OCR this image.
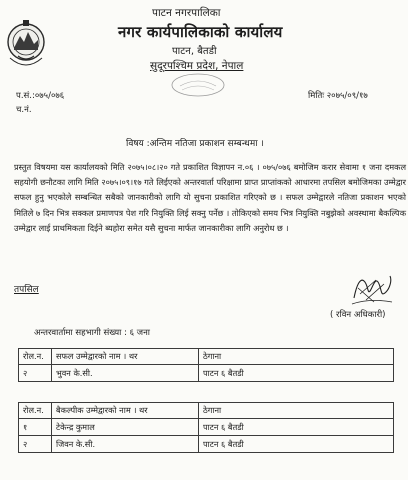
पाटन नगरपालिका
नगर कार्यपालिकाको कार्यालय
पाटन, बैतडी
सुदूरपश्चिम प्रदेश, नेपाल
प.सं.:०७५/०७६
च.नं.
मितिः २०७५/०९/१७
विषय :अन्तिम नतिजा प्रकाशन सम्बन्धमा ।
प्रस्तुत विषयमा यस कार्यालयको मिति २०७५।०८।२० गते प्रकाशित विज्ञापन न.०६ । ०७५/०७६ बमोजिम करार सेवामा १ जना दमकल सहयोगी छनौटका लागि मिति २०७५।०९।१७ गते लिईएको अन्तरवार्ता परिक्षामा प्राप्त प्राप्तांकको आधारमा तपसिल बमोजिमका उम्मेद्वार सफल हुनु भएकोले सम्बन्धित सबैको जानकारीको लागि यो सुचना प्रकाशित गरिएको छ । सफल उम्मेद्वारले नतिजा प्रकाशन भएको मितिले ७ दिन भित्र सक्कल प्रमाणपत्र पेश गरि नियुक्ति लिई सक्नु पर्नेछ । तोकिएको समय भित्र नियुक्ति नबुझेको अवस्थामा बैकल्पिक उम्मेद्वार लाई प्राथमिकता दिईने ब्यहोरा समेत यसै सुचना मार्फत जानकारीका लागि अनुरोध छ ।
तपसिल
( रविन अधिकारी)
अन्तरवार्तामा सहभागी संख्या : ६ जना
रोल.न.	सफल उम्मेद्वारको नाम । थर	ठेगाना
२	भुवन के.सी.	पाटन ६ बैतडी
रोल.न.	बैकल्पीक उम्मेद्वारको नाम । थर	ठेगाना
१	टेकेन्द्र कुमाल	पाटन ६ बैतडी
२	जिवन के.सी.	पाटन ६ बैतडी
